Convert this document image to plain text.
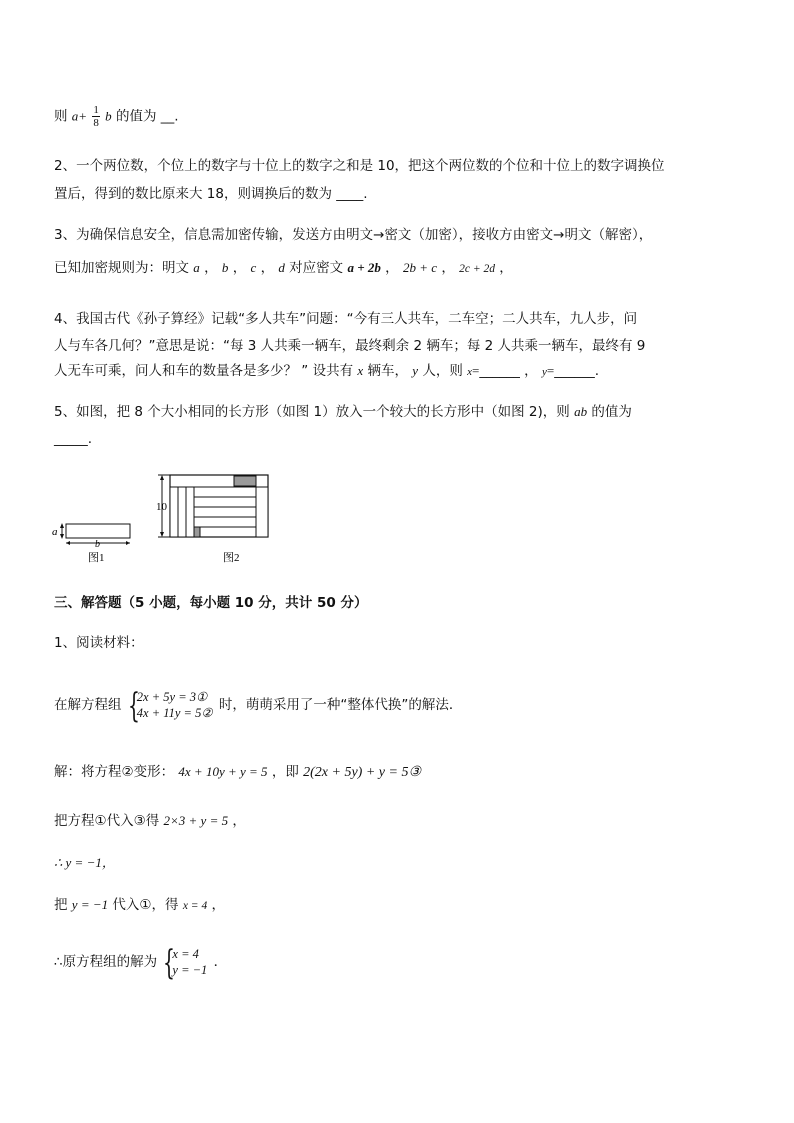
则 $a+ \frac{1}{8}$ b 的值为 __.
2、一个两位数，个位上的数字与十位上的数字之和是 10，把这个两位数的个位和十位上的数字调换位
置后，得到的数比原来大 18，则调换后的数为 ____.
3、为确保信息安全，信息需加密传输，发送方由明文→密文（加密），接收方由密文→明文（解密），
已知加密规则为：明文 a ， b ， c ， d 对应密文 a + 2b ， 2b + c ， 2c + 2d ，
4、我国古代《孙子算经》记载“多人共车”问题：“今有三人共车，二车空；二人共车，九人步，问
人与车各几何？”意思是说：“每 3 人共乘一辆车，最终剩余 2 辆车；每 2 人共乘一辆车，最终有 9
人无车可乘，问人和车的数量各是多少？ ” 设共有 x 辆车， y 人，则 x=______ ， y=______.
5、如图，把 8 个大小相同的长方形（如图 1）放入一个较大的长方形中（如图 2)，则 ab 的值为
_____.
a
b
图1
10
图2
三、解答题（5 小题，每小题 10 分，共计 50 分）
1、阅读材料：
在解方程组 {
2x + 5y = 3①
4x + 11y = 5② 时，萌萌采用了一种“整体代换”的解法．
解：将方程②变形： 4x + 10y + y = 5 ，即 2(2x + 5y) + y = 5③
把方程①代入③得 2×3 + y = 5 ，
∴ y = −1，
把 y = −1 代入①，得 x = 4 ，
∴原方程组的解为 {
x = 4
y = −1 ．
